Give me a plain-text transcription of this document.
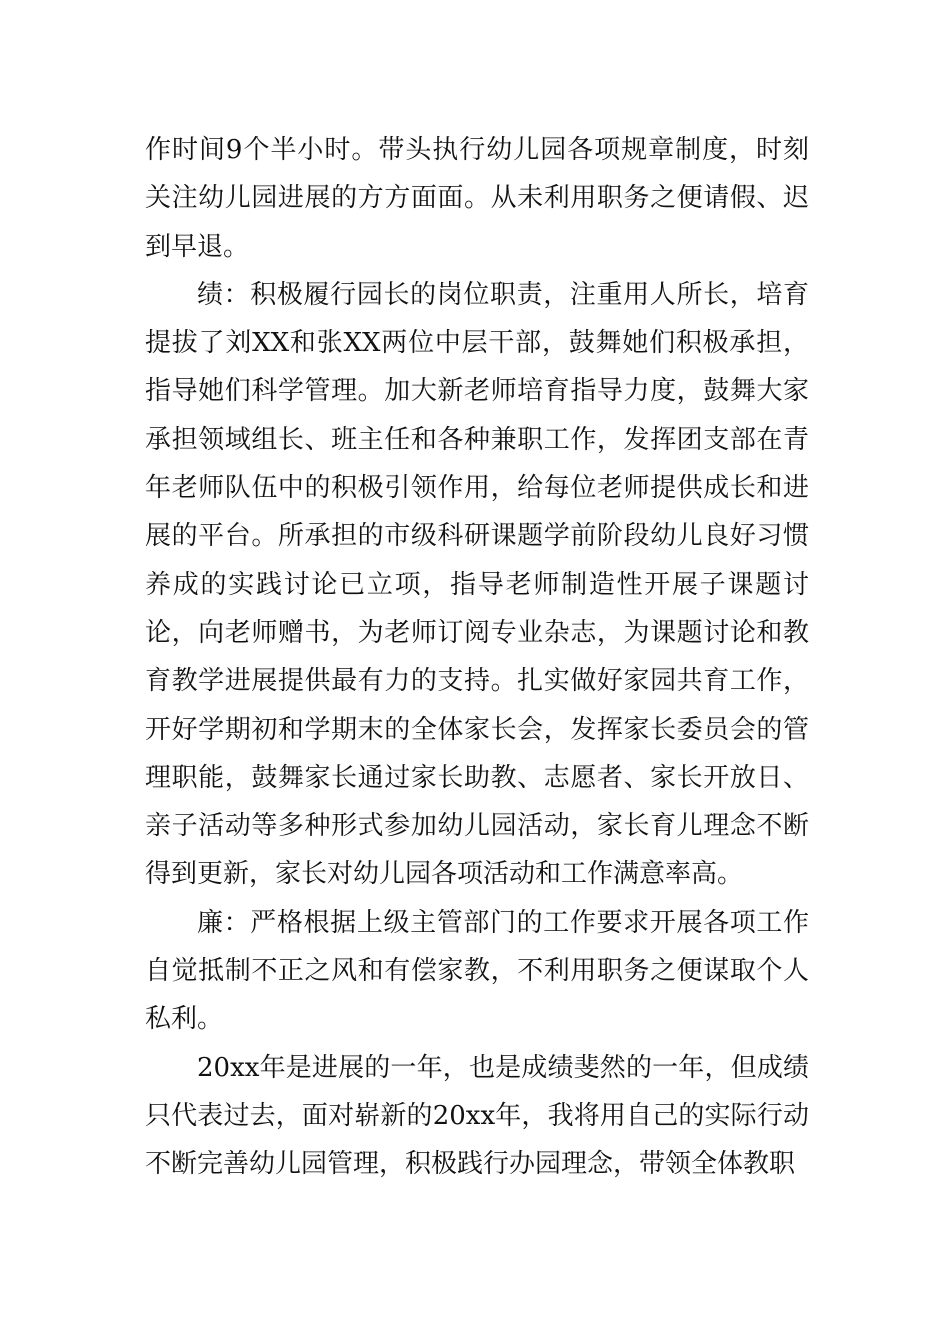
作时间9个半小时。带头执行幼儿园各项规章制度，时刻关注幼儿园进展的方方面面。从未利用职务之便请假、迟到早退。

绩：积极履行园长的岗位职责，注重用人所长，培育提拔了刘XX和张XX两位中层干部，鼓舞她们积极承担，指导她们科学管理。加大新老师培育指导力度，鼓舞大家承担领域组长、班主任和各种兼职工作，发挥团支部在青年老师队伍中的积极引领作用，给每位老师提供成长和进展的平台。所承担的市级科研课题学前阶段幼儿良好习惯养成的实践讨论已立项，指导老师制造性开展子课题讨论，向老师赠书，为老师订阅专业杂志，为课题讨论和教育教学进展提供最有力的支持。扎实做好家园共育工作，开好学期初和学期末的全体家长会，发挥家长委员会的管理职能，鼓舞家长通过家长助教、志愿者、家长开放日、亲子活动等多种形式参加幼儿园活动，家长育儿理念不断得到更新，家长对幼儿园各项活动和工作满意率高。

廉：严格根据上级主管部门的工作要求开展各项工作自觉抵制不正之风和有偿家教，不利用职务之便谋取个人私利。

20xx年是进展的一年，也是成绩斐然的一年，但成绩只代表过去，面对崭新的20xx年，我将用自己的实际行动不断完善幼儿园管理，积极践行办园理念，带领全体教职
